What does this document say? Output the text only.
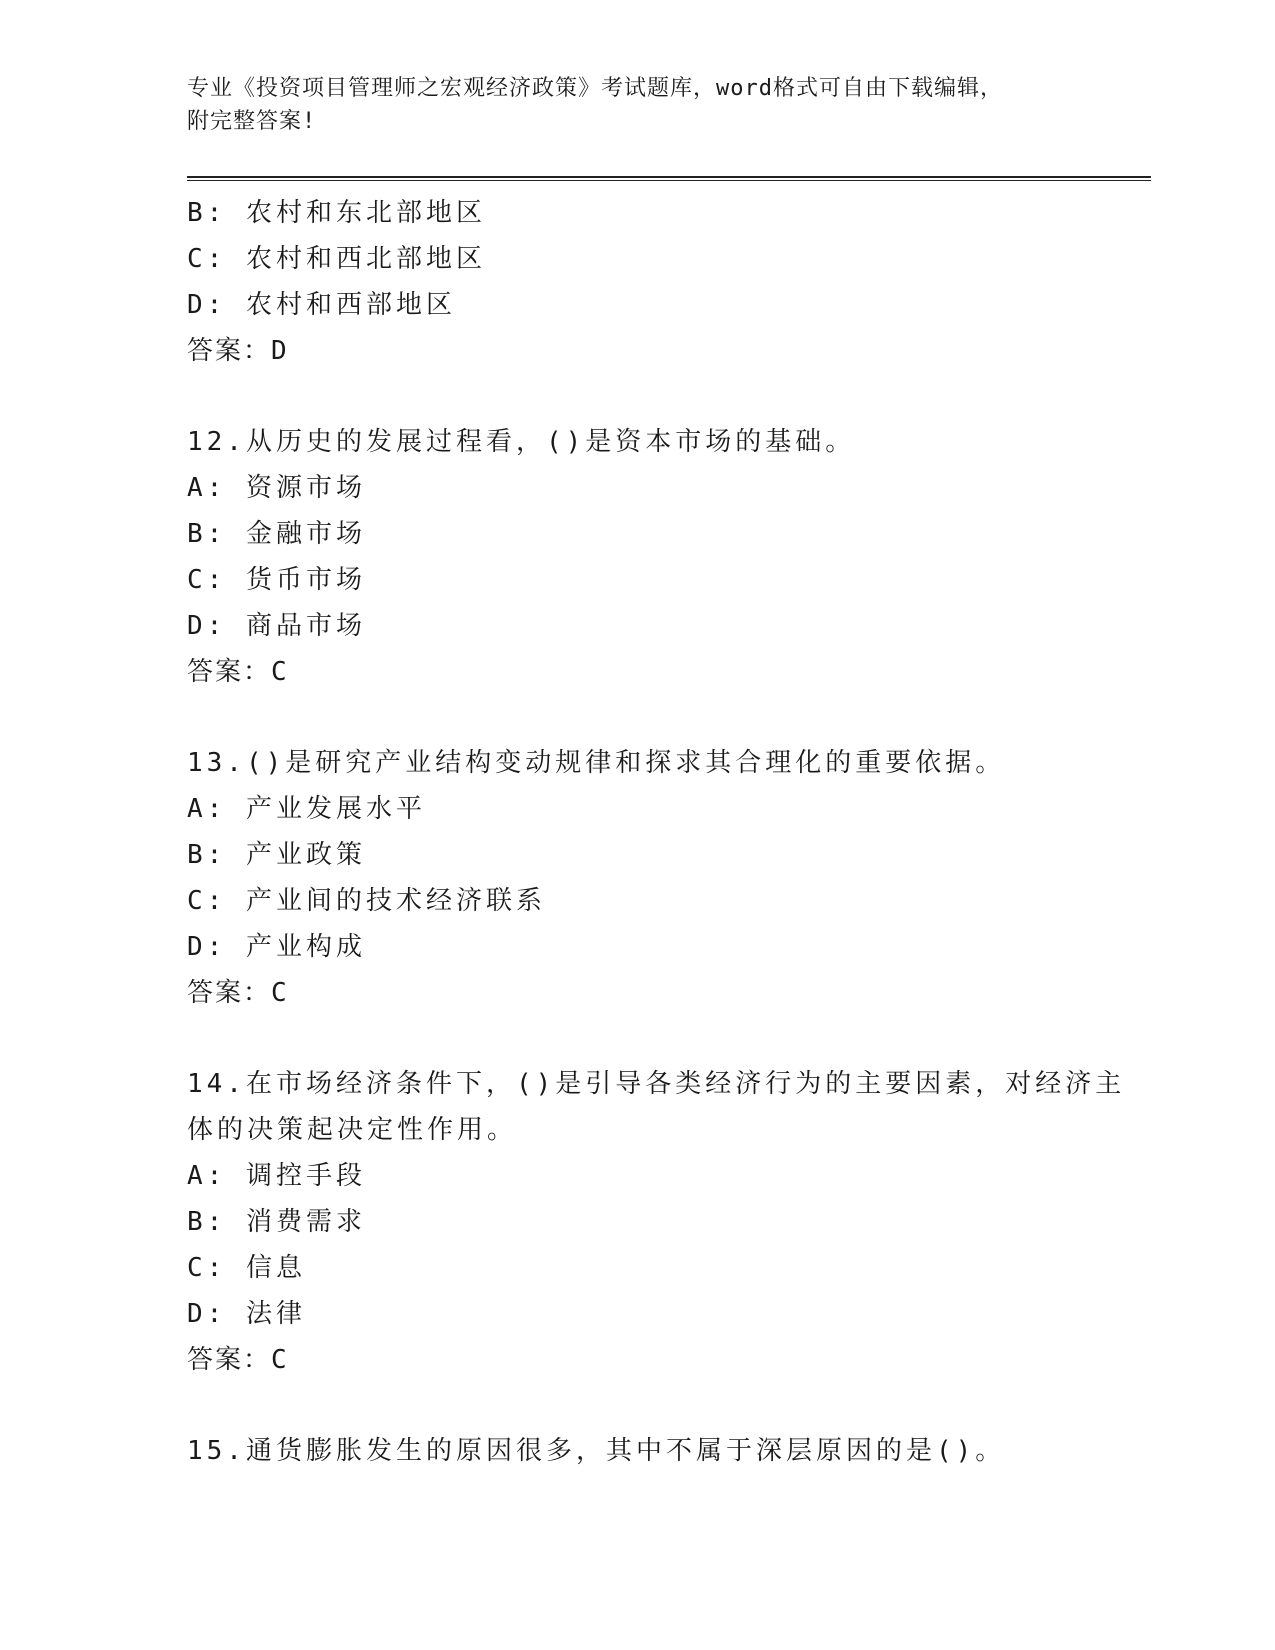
专业《投资项目管理师之宏观经济政策》考试题库，word格式可自由下载编辑，
附完整答案!
B: 农村和东北部地区
C: 农村和西北部地区
D: 农村和西部地区
答案：D
12.从历史的发展过程看，()是资本市场的基础。
A: 资源市场
B: 金融市场
C: 货币市场
D: 商品市场
答案：C
13.()是研究产业结构变动规律和探求其合理化的重要依据。
A: 产业发展水平
B: 产业政策
C: 产业间的技术经济联系
D: 产业构成
答案：C
14.在市场经济条件下，()是引导各类经济行为的主要因素，对经济主
体的决策起决定性作用。
A: 调控手段
B: 消费需求
C: 信息
D: 法律
答案：C
15.通货膨胀发生的原因很多，其中不属于深层原因的是()。
